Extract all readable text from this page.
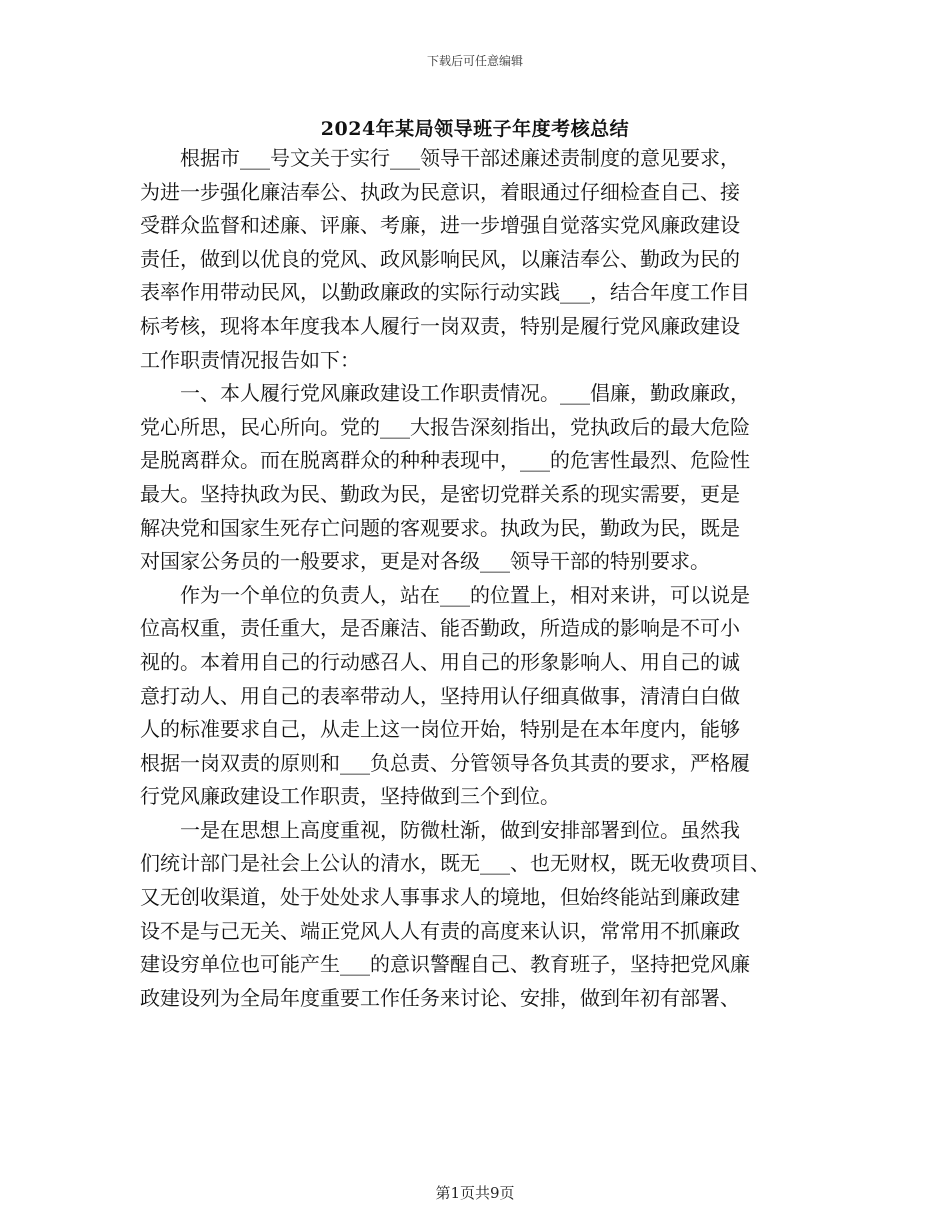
下载后可任意编辑
2024年某局领导班子年度考核总结

　　根据市___号文关于实行___领导干部述廉述责制度的意见要求，
为进一步强化廉洁奉公、执政为民意识，着眼通过仔细检查自己、接
受群众监督和述廉、评廉、考廉，进一步增强自觉落实党风廉政建设
责任，做到以优良的党风、政风影响民风，以廉洁奉公、勤政为民的
表率作用带动民风，以勤政廉政的实际行动实践___，结合年度工作目
标考核，现将本年度我本人履行一岗双责，特别是履行党风廉政建设
工作职责情况报告如下：

　　一、本人履行党风廉政建设工作职责情况。___倡廉，勤政廉政，
党心所思，民心所向。党的___大报告深刻指出，党执政后的最大危险
是脱离群众。而在脱离群众的种种表现中，___的危害性最烈、危险性
最大。坚持执政为民、勤政为民，是密切党群关系的现实需要，更是
解决党和国家生死存亡问题的客观要求。执政为民，勤政为民，既是
对国家公务员的一般要求，更是对各级___领导干部的特别要求。

　　作为一个单位的负责人，站在___的位置上，相对来讲，可以说是
位高权重，责任重大，是否廉洁、能否勤政，所造成的影响是不可小
视的。本着用自己的行动感召人、用自己的形象影响人、用自己的诚
意打动人、用自己的表率带动人，坚持用认仔细真做事，清清白白做
人的标准要求自己，从走上这一岗位开始，特别是在本年度内，能够
根据一岗双责的原则和___负总责、分管领导各负其责的要求，严格履
行党风廉政建设工作职责，坚持做到三个到位。

　　一是在思想上高度重视，防微杜渐，做到安排部署到位。虽然我
们统计部门是社会上公认的清水，既无___、也无财权，既无收费项目、
又无创收渠道，处于处处求人事事求人的境地，但始终能站到廉政建
设不是与己无关、端正党风人人有责的高度来认识，常常用不抓廉政
建设穷单位也可能产生___的意识警醒自己、教育班子，坚持把党风廉
政建设列为全局年度重要工作任务来讨论、安排，做到年初有部署、

第1页共9页
